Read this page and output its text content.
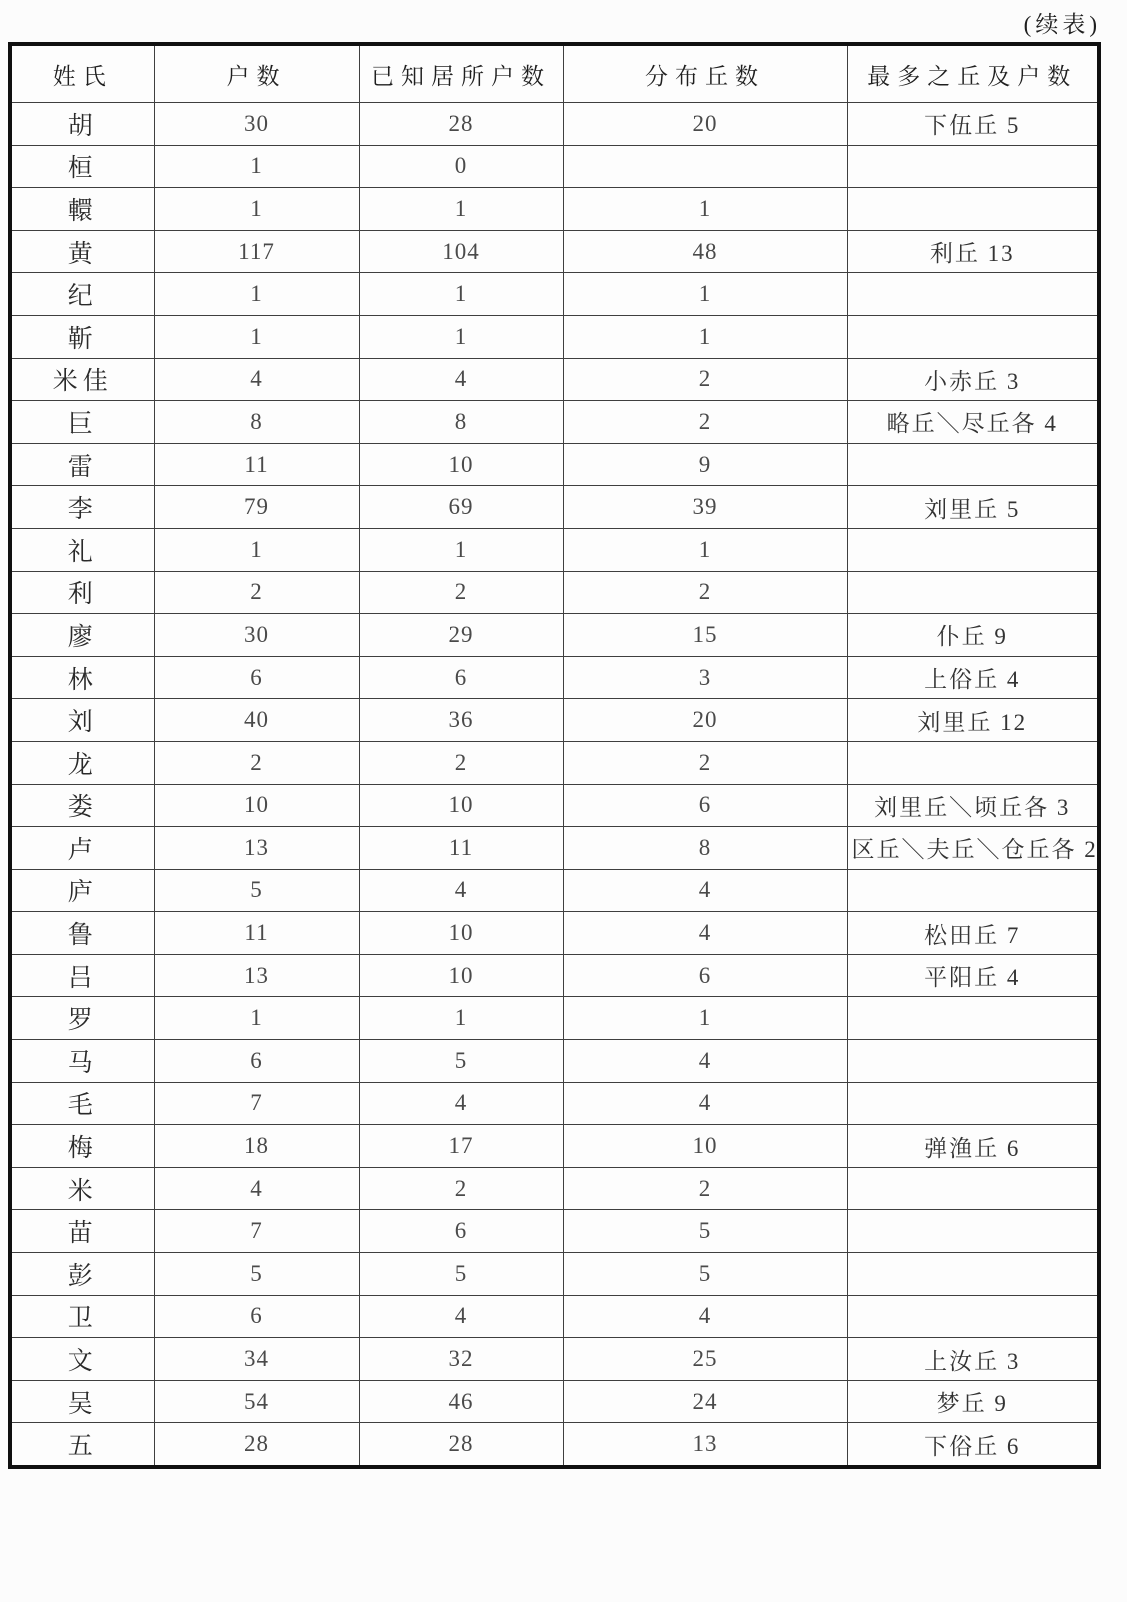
(续表)
姓氏	户数	已知居所户数	分布丘数	最多之丘及户数
胡	30	28	20	下伍丘 5
桓	1	0		
轘	1	1	1	
黄	117	104	48	利丘 13
纪	1	1	1	
靳	1	1	1	
米佳	4	4	2	小赤丘 3
巨	8	8	2	略丘＼尽丘各 4
雷	11	10	9	
李	79	69	39	刘里丘 5
礼	1	1	1	
利	2	2	2	
廖	30	29	15	仆丘 9
林	6	6	3	上俗丘 4
刘	40	36	20	刘里丘 12
龙	2	2	2	
娄	10	10	6	刘里丘＼顷丘各 3
卢	13	11	8	区丘＼夫丘＼仓丘各 2
庐	5	4	4	
鲁	11	10	4	松田丘 7
吕	13	10	6	平阳丘 4
罗	1	1	1	
马	6	5	4	
毛	7	4	4	
梅	18	17	10	弹渔丘 6
米	4	2	2	
苗	7	6	5	
彭	5	5	5	
卫	6	4	4	
文	34	32	25	上汝丘 3
吴	54	46	24	梦丘 9
五	28	28	13	下俗丘 6
